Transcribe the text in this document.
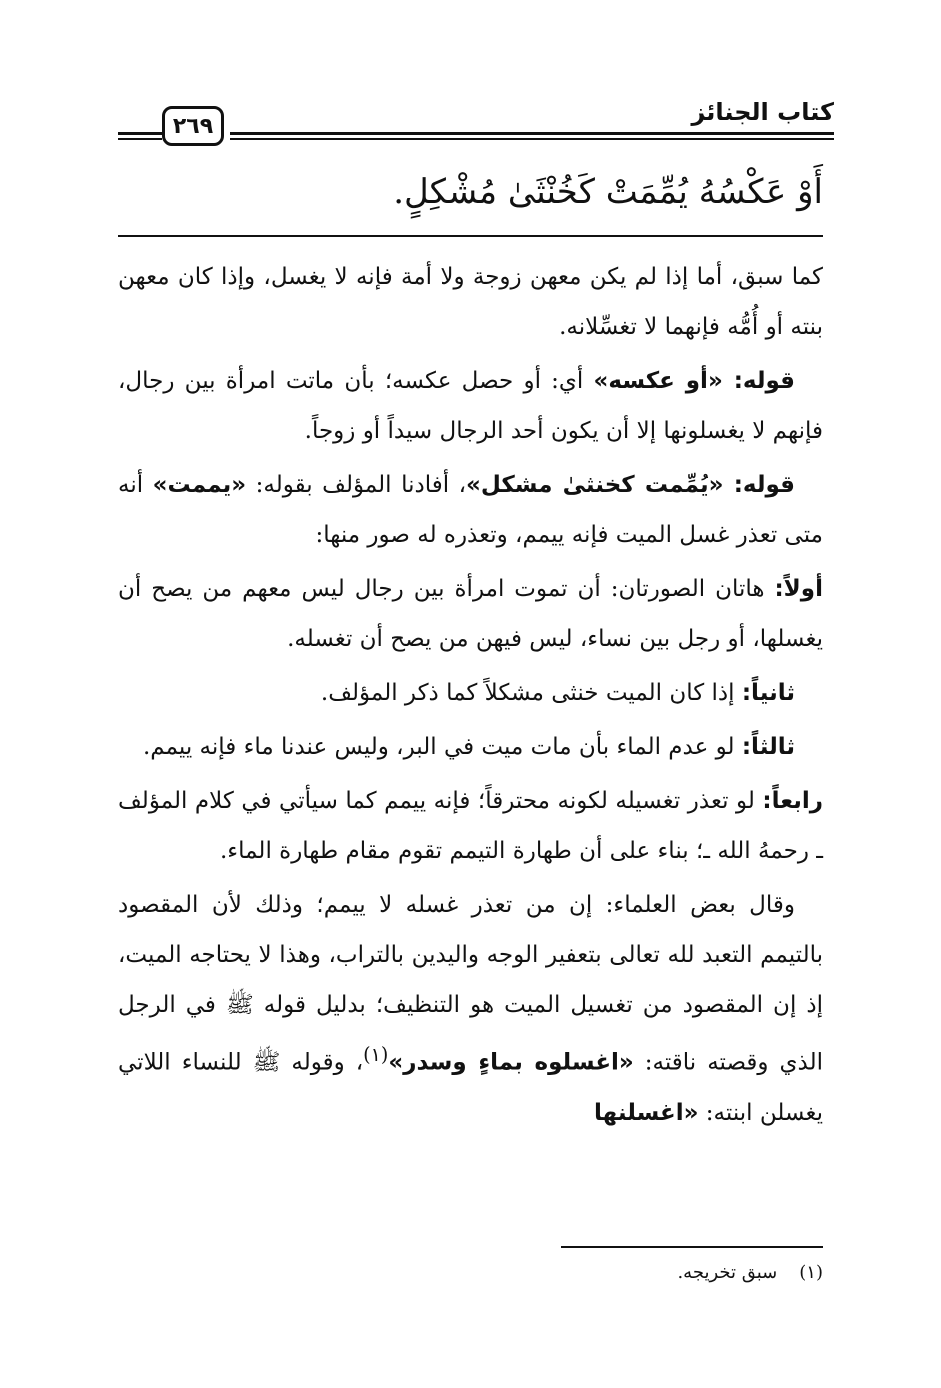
كتاب الجنائز
٢٦٩
أَوْ عَكْسُهُ يُمِّمَتْ كَخُنْثَىٰ مُشْكِلٍ.

كما سبق، أما إذا لم يكن معهن زوجة ولا أمة فإنه لا يغسل، وإذا كان معهن بنته أو أُمُّه فإنهما لا تغسِّلانه.

قوله: «أو عكسه» أي: أو حصل عكسه؛ بأن ماتت امرأة بين رجال، فإنهم لا يغسلونها إلا أن يكون أحد الرجال سيداً أو زوجاً.

قوله: «يُمِّمت كخنثىٰ مشكل»، أفادنا المؤلف بقوله: «يممت» أنه متى تعذر غسل الميت فإنه ييمم، وتعذره له صور منها:

أولاً: هاتان الصورتان: أن تموت امرأة بين رجال ليس معهم من يصح أن يغسلها، أو رجل بين نساء، ليس فيهن من يصح أن تغسله.

ثانياً: إذا كان الميت خنثى مشكلاً كما ذكر المؤلف.

ثالثاً: لو عدم الماء بأن مات ميت في البر، وليس عندنا ماء فإنه ييمم.

رابعاً: لو تعذر تغسيله لكونه محترقاً؛ فإنه ييمم كما سيأتي في كلام المؤلف ـ رحمهُ الله ـ؛ بناء على أن طهارة التيمم تقوم مقام طهارة الماء.

وقال بعض العلماء: إن من تعذر غسله لا ييمم؛ وذلك لأن المقصود بالتيمم التعبد لله تعالى بتعفير الوجه واليدين بالتراب، وهذا لا يحتاجه الميت، إذ إن المقصود من تغسيل الميت هو التنظيف؛ بدليل قوله ﷺ في الرجل الذي وقصته ناقته: «اغسلوه بماءٍ وسدر»$^{(١)}$، وقوله ﷺ للنساء اللاتي يغسلن ابنته: «اغسلنها

(١)
سبق تخريجه.
